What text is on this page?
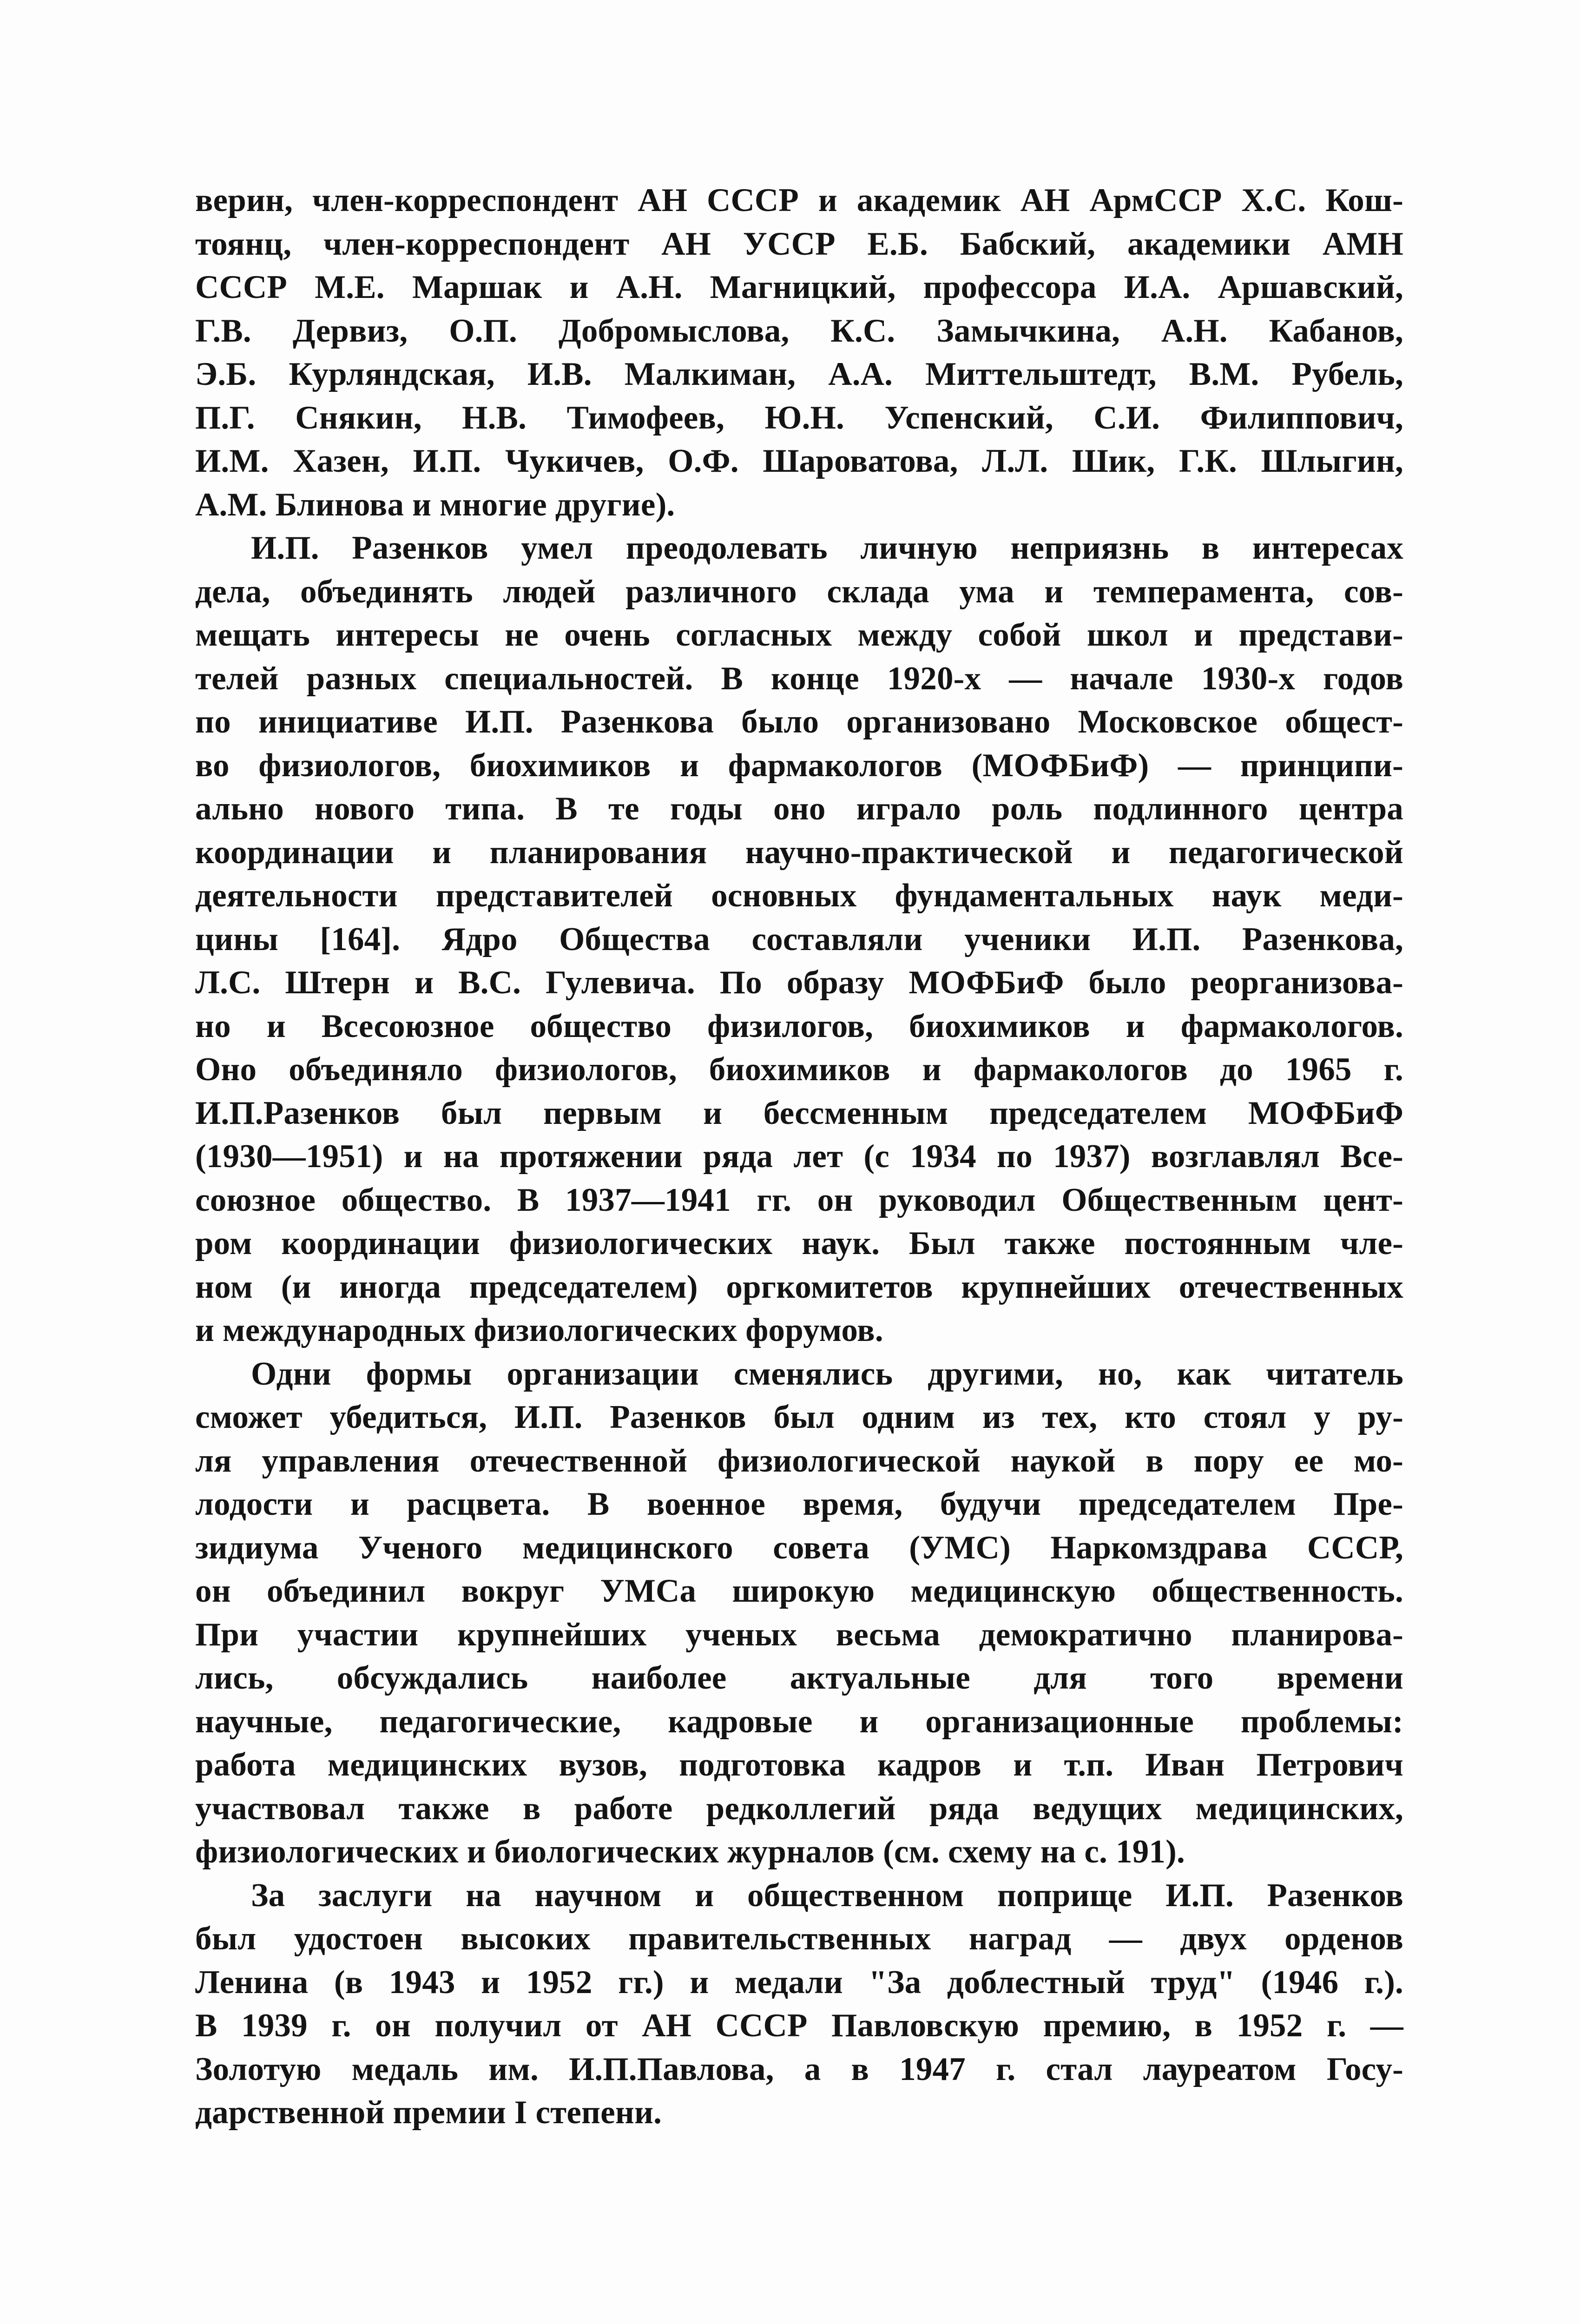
верин, член-корреспондент АН СССР и академик АН АрмССР Х.С. Кош-
тоянц, член-корреспондент АН УССР Е.Б. Бабский, академики АМН
СССР М.Е. Маршак и А.Н. Магницкий, профессора И.А. Аршавский,
Г.В. Дервиз, О.П. Добромыслова, К.С. Замычкина, А.Н. Кабанов,
Э.Б. Курляндская, И.В. Малкиман, А.А. Миттельштедт, В.М. Рубель,
П.Г. Снякин, Н.В. Тимофеев, Ю.Н. Успенский, С.И. Филиппович,
И.М. Хазен, И.П. Чукичев, О.Ф. Шароватова, Л.Л. Шик, Г.К. Шлыгин,
А.М. Блинова и многие другие).

И.П. Разенков умел преодолевать личную неприязнь в интересах
дела, объединять людей различного склада ума и темперамента, сов-
мещать интересы не очень согласных между собой школ и представи-
телей разных специальностей. В конце 1920-х — начале 1930-х годов
по инициативе И.П. Разенкова было организовано Московское общест-
во физиологов, биохимиков и фармакологов (МОФБиФ) — принципи-
ально нового типа. В те годы оно играло роль подлинного центра
координации и планирования научно-практической и педагогической
деятельности представителей основных фундаментальных наук меди-
цины [164]. Ядро Общества составляли ученики И.П. Разенкова,
Л.С. Штерн и В.С. Гулевича. По образу МОФБиФ было реорганизова-
но и Всесоюзное общество физилогов, биохимиков и фармакологов.
Оно объединяло физиологов, биохимиков и фармакологов до 1965 г.
И.П.Разенков был первым и бессменным председателем МОФБиФ
(1930—1951) и на протяжении ряда лет (с 1934 по 1937) возглавлял Все-
союзное общество. В 1937—1941 гг. он руководил Общественным цент-
ром координации физиологических наук. Был также постоянным чле-
ном (и иногда председателем) оргкомитетов крупнейших отечественных
и международных физиологических форумов.

Одни формы организации сменялись другими, но, как читатель
сможет убедиться, И.П. Разенков был одним из тех, кто стоял у ру-
ля управления отечественной физиологической наукой в пору ее мо-
лодости и расцвета. В военное время, будучи председателем Пре-
зидиума Ученого медицинского совета (УМС) Наркомздрава СССР,
он объединил вокруг УМСа широкую медицинскую общественность.
При участии крупнейших ученых весьма демократично планирова-
лись, обсуждались наиболее актуальные для того времени
научные, педагогические, кадровые и организационные проблемы:
работа медицинских вузов, подготовка кадров и т.п. Иван Петрович
участвовал также в работе редколлегий ряда ведущих медицинских,
физиологических и биологических журналов (см. схему на с. 191).

За заслуги на научном и общественном поприще И.П. Разенков
был удостоен высоких правительственных наград — двух орденов
Ленина (в 1943 и 1952 гг.) и медали "За доблестный труд" (1946 г.).
В 1939 г. он получил от АН СССР Павловскую премию, в 1952 г. —
Золотую медаль им. И.П.Павлова, а в 1947 г. стал лауреатом Госу-
дарственной премии I степени.
